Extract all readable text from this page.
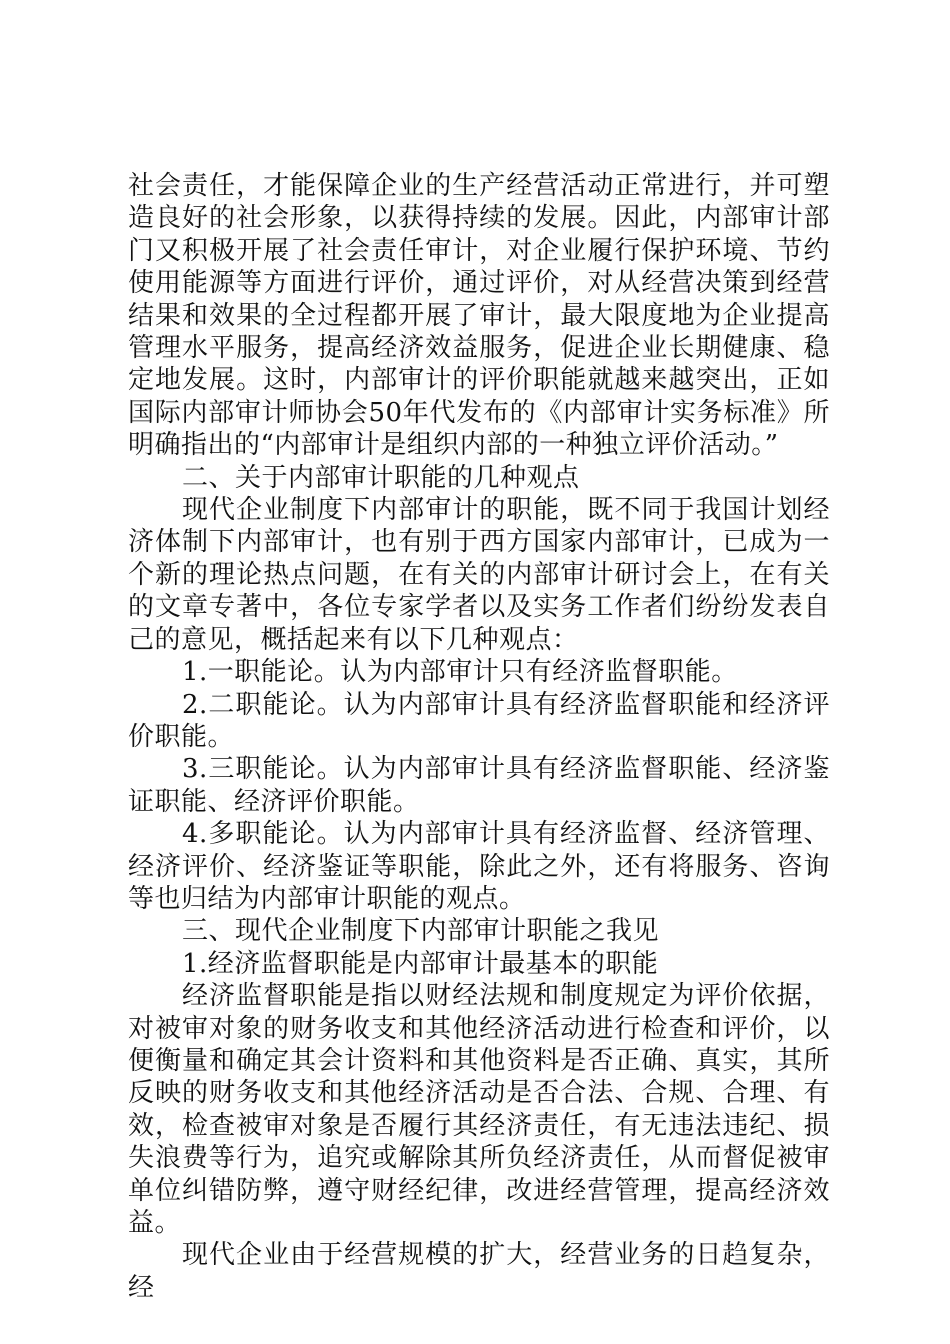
社会责任，才能保障企业的生产经营活动正常进行，并可塑造良好的社会形象，以获得持续的发展。因此，内部审计部门又积极开展了社会责任审计，对企业履行保护环境、节约使用能源等方面进行评价，通过评价，对从经营决策到经营结果和效果的全过程都开展了审计，最大限度地为企业提高管理水平服务，提高经济效益服务，促进企业长期健康、稳定地发展。这时，内部审计的评价职能就越来越突出，正如国际内部审计师协会50年代发布的《内部审计实务标准》所明确指出的“内部审计是组织内部的一种独立评价活动。”

二、关于内部审计职能的几种观点

现代企业制度下内部审计的职能，既不同于我国计划经济体制下内部审计，也有别于西方国家内部审计，已成为一个新的理论热点问题，在有关的内部审计研讨会上，在有关的文章专著中，各位专家学者以及实务工作者们纷纷发表自己的意见，概括起来有以下几种观点：

1.一职能论。认为内部审计只有经济监督职能。

2.二职能论。认为内部审计具有经济监督职能和经济评价职能。

3.三职能论。认为内部审计具有经济监督职能、经济鉴证职能、经济评价职能。

4.多职能论。认为内部审计具有经济监督、经济管理、经济评价、经济鉴证等职能，除此之外，还有将服务、咨询等也归结为内部审计职能的观点。

三、现代企业制度下内部审计职能之我见

1.经济监督职能是内部审计最基本的职能

经济监督职能是指以财经法规和制度规定为评价依据，对被审对象的财务收支和其他经济活动进行检查和评价，以便衡量和确定其会计资料和其他资料是否正确、真实，其所反映的财务收支和其他经济活动是否合法、合规、合理、有效，检查被审对象是否履行其经济责任，有无违法违纪、损失浪费等行为，追究或解除其所负经济责任，从而督促被审单位纠错防弊，遵守财经纪律，改进经营管理，提高经济效益。

现代企业由于经营规模的扩大，经营业务的日趋复杂，经
